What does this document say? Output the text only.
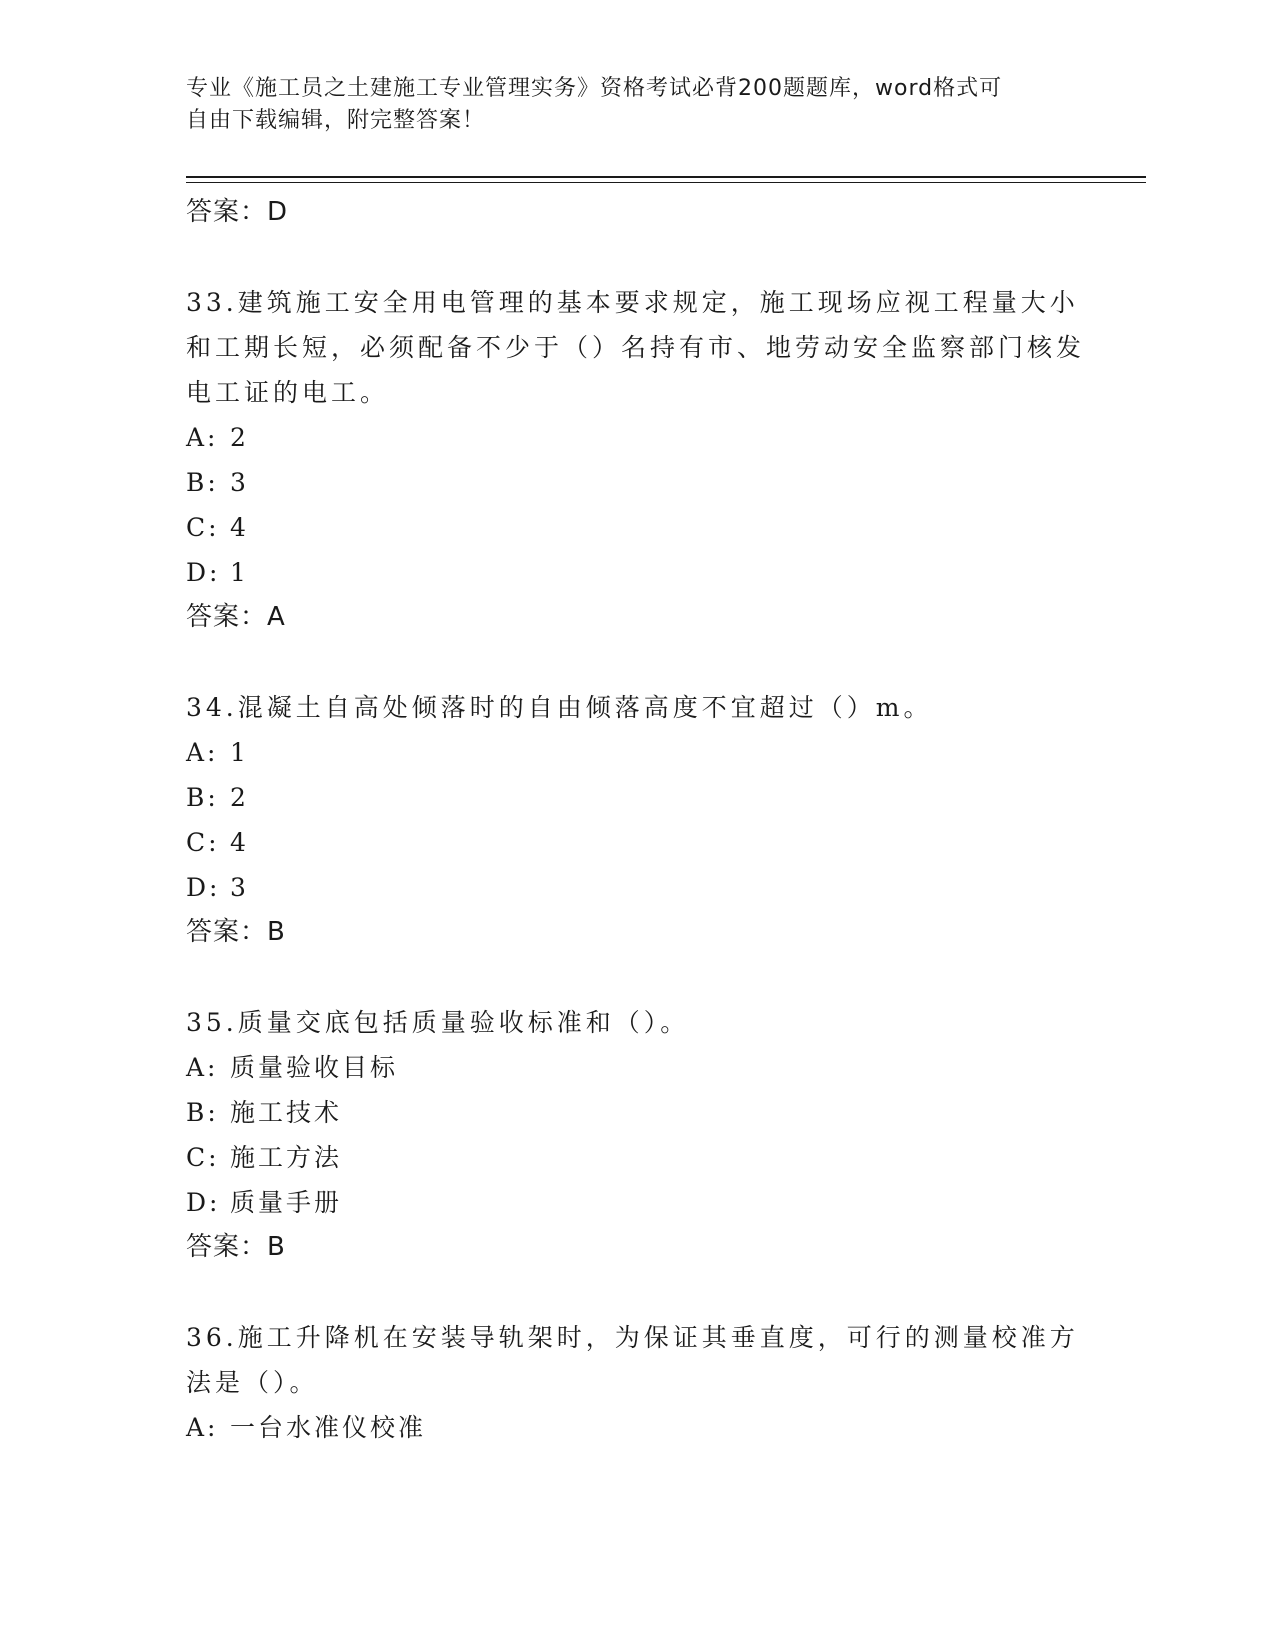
专业《施工员之土建施工专业管理实务》资格考试必背200题题库，word格式可
自由下载编辑，附完整答案！
答案：D
33.建筑施工安全用电管理的基本要求规定，施工现场应视工程量大小和工期长短，必须配备不少于（）名持有市、地劳动安全监察部门核发电工证的电工。
A: 2
B: 3
C: 4
D: 1
答案：A
34.混凝土自高处倾落时的自由倾落高度不宜超过（）m。
A: 1
B: 2
C: 4
D: 3
答案：B
35.质量交底包括质量验收标准和（）。
A: 质量验收目标
B: 施工技术
C: 施工方法
D: 质量手册
答案：B
36.施工升降机在安装导轨架时，为保证其垂直度，可行的测量校准方法是（）。
A: 一台水准仪校准
